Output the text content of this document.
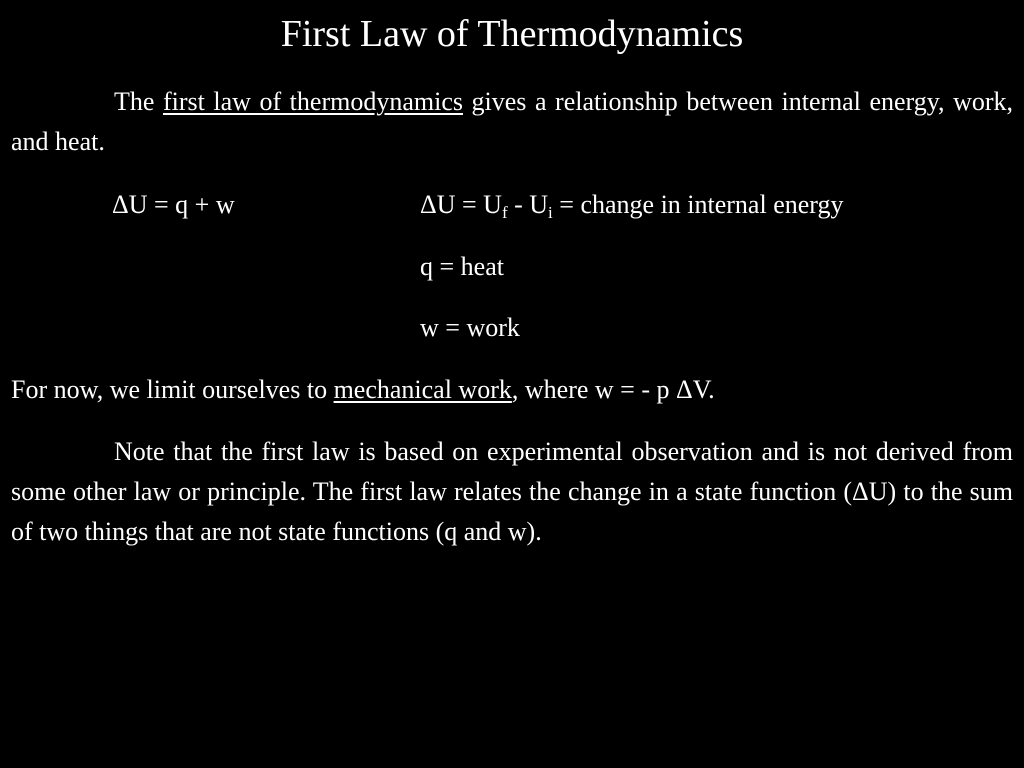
First Law of Thermodynamics

The first law of thermodynamics gives a relationship between internal energy, work, and heat.

ΔU = q + w	$\Delta U = U_f - U_i$ = change in internal energy
q = heat
w = work
For now, we limit ourselves to mechanical work, where w = - p ΔV.

Note that the first law is based on experimental observation and is not derived from some other law or principle. The first law relates the change in a state function (ΔU) to the sum of two things that are not state functions (q and w).
